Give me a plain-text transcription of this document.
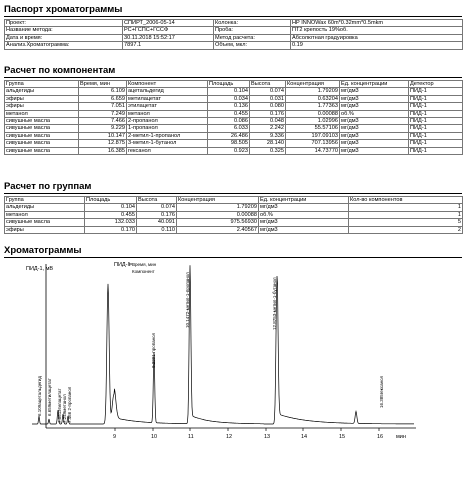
Паспорт хроматограммы
Проект:	СПИРТ_2006-05-14	Колонка:	HP INNOWax 60m*0.32mm*0.5mkm
Название метода:	РС+ГСПС+ГССФ	Проба:	ПТ2 крепость 19%об.
Дата и время:	30.11.2018 15:52:17	Метод расчета:	Абсолютная градуировка
Анализ.Хроматограмма:	7897.1	Объем, мкл:	0.19
Расчет по компонентам
Группа	Время, мин	Компонент	Площадь	Высота	Концентрация	Ед. концентрации	Детектор
альдегиды	6.109	ацетальдегид	0.104	0.074	1.79209	мг/дм3	ПИД-1
эфиры	6.659	метилацетат	0.034	0.031	0.63204	мг/дм3	ПИД-1
эфиры	7.051	этилацетат	0.136	0.080	1.77363	мг/дм3	ПИД-1
метанол	7.249	метанол	0.455	0.176	0.00088	об.%	ПИД-1
сивушные масла	7.466	2-пропанол	0.086	0.048	1.02996	мг/дм3	ПИД-1
сивушные масла	9.229	1-пропанол	6.033	2.242	55.57106	мг/дм3	ПИД-1
сивушные масла	10.147	2-метил-1-пропанол	26.486	9.336	197.09103	мг/дм3	ПИД-1
сивушные масла	12.875	3-метил-1-бутанол	98.505	28.140	707.13956	мг/дм3	ПИД-1
сивушные масла	16.385	гексанол	0.923	0.325	14.73770	мг/дм3	ПИД-1
Расчет по группам
Группа	Площадь	Высота	Концентрация	Ед. концентрации	Кол-во компонентов
альдегиды	0.104	0.074	1.79209	мг/дм3	1
метанол	0.455	0.176	0.00088	об.%	1
сивушные масла	132.033	40.091	975.56930	мг/дм3	5
эфиры	0.170	0.110	2.40567	мг/дм3	2
Хроматограммы
ПИД-1, мВ
мин
ПИД-1 Время, мин
Компонент
9	10	11	12	13	14	15	16
6.109ацетальдегид 6.659метилацетат 7.051этилацетат 7.249метанол 7.466 2-пропанол
9.2291-пропанол
10.1472-метил-1-пропанол	12.8753-метил-1-бутанол
16.385гексанол
